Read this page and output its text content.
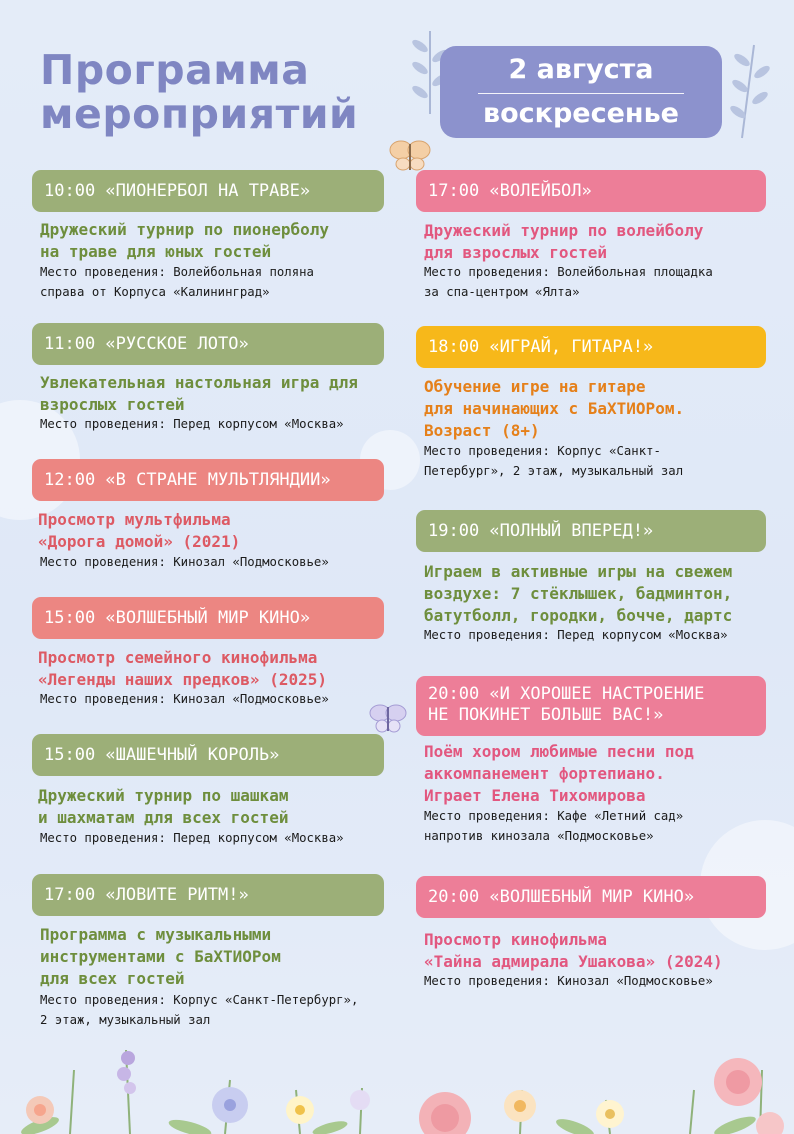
Программа
мероприятий
2 августа
воскресенье
10:00 «ПИОНЕРБОЛ НА ТРАВЕ»
Дружеский турнир по пионерболу
на траве для юных гостей
Место проведения: Волейбольная поляна
справа от Корпуса «Калининград»
11:00 «РУССКОЕ ЛОТО»
Увлекательная настольная игра для
взрослых гостей
Место проведения: Перед корпусом «Москва»
12:00 «В СТРАНЕ МУЛЬТЛЯНДИИ»
Просмотр мультфильма
«Дорога домой» (2021)
Место проведения: Кинозал «Подмосковье»
15:00 «ВОЛШЕБНЫЙ МИР КИНО»
Просмотр семейного кинофильма
«Легенды наших предков» (2025)
Место проведения: Кинозал «Подмосковье»
15:00 «ШАШЕЧНЫЙ КОРОЛЬ»
Дружеский турнир по шашкам
и шахматам для всех гостей
Место проведения: Перед корпусом «Москва»
17:00 «ЛОВИТЕ РИТМ!»
Программа с музыкальными
инструментами с БаХТИОРом
для всех гостей
Место проведения: Корпус «Санкт-Петербург»,
2 этаж, музыкальный зал
17:00 «ВОЛЕЙБОЛ»
Дружеский турнир по волейболу
для взрослых гостей
Место проведения: Волейбольная площадка
за спа-центром «Ялта»
18:00 «ИГРАЙ, ГИТАРА!»
Обучение игре на гитаре
для начинающих с БаХТИОРом.
Возраст (8+)
Место проведения: Корпус «Санкт-
Петербург», 2 этаж, музыкальный зал
19:00 «ПОЛНЫЙ ВПЕРЕД!»
Играем в активные игры на свежем
воздухе: 7 стёклышек, бадминтон,
батутболл, городки, бочче, дартс
Место проведения: Перед корпусом «Москва»
20:00 «И ХОРОШЕЕ НАСТРОЕНИЕ
НЕ ПОКИНЕТ БОЛЬШЕ ВАС!»
Поём хором любимые песни под
аккомпанемент фортепиано.
Играет Елена Тихомирова
Место проведения: Кафе «Летний сад»
напротив кинозала «Подмосковье»
20:00 «ВОЛШЕБНЫЙ МИР КИНО»
Просмотр кинофильма
«Тайна адмирала Ушакова» (2024)
Место проведения: Кинозал «Подмосковье»
